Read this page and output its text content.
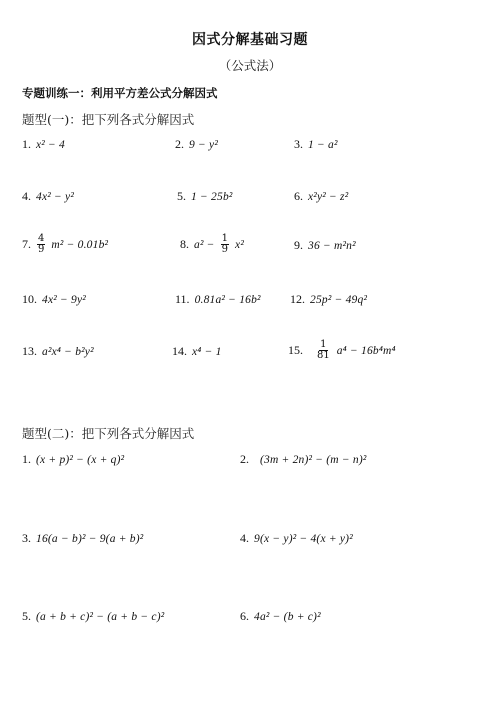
因式分解基础习题
（公式法）
专题训练一：利用平方差公式分解因式
题型(一)：把下列各式分解因式
1. x² − 4	2. 9 − y²	3. 1 − a²
4. 4x² − y²	5. 1 − 25b²	6. x²y² − z²
7. $\frac{4}{9} m^2 - 0.01b^2$	8. $a^2 - \frac{1}{9} x^2$	9. 36 − m²n²
10. 4x² − 9y²	11. 0.81a² − 16b² 12. 25p² − 49q²
13. a²x⁴ − b²y²	14. x⁴ − 1	15. $\frac{1}{81} a^4 - 16b^4m^4$
题型(二)：把下列各式分解因式
1. (x + p)² − (x + q)²	2. (3m + 2n)² − (m − n)²
3. 16(a − b)² − 9(a + b)²	4. 9(x − y)² − 4(x + y)²
5. (a + b + c)² − (a + b − c)²	6. 4a² − (b + c)²
